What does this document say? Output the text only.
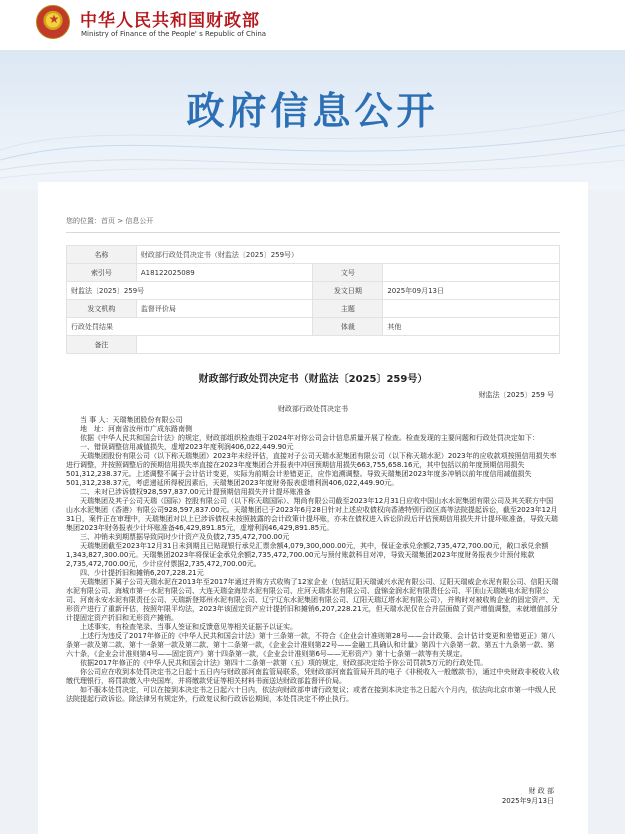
★	中华人民共和国财政部
Ministry of Finance of the People' s Republic of China
政府信息公开
您的位置：首页 > 信息公开
名称	财政部行政处罚决定书（财监法〔2025〕259号）		
索引号	A18122025089	文号	
财监法〔2025〕259号		发文日期	2025年09月13日
发文机构	监督评价局	主题	
行政处罚结果		体裁	其他
备注			
财政部行政处罚决定书（财监法〔2025〕259号）
财监法〔2025〕259 号
财政部行政处罚决定书

当 事 人：天瑞集团股份有限公司

地　址：河南省汝州市广成东路南侧

依据《中华人民共和国会计法》的规定，财政部组织检查组于2024年对你公司会计信息质量开展了检查。检查发现的主要问题和行政处罚决定如下：

一、错误调整信用减值损失，虚增2023年度利润406,022,449.90元

天瑞集团股份有限公司（以下称天瑞集团）2023年未经评估，直接对子公司天瑞水泥集团有限公司（以下称天瑞水泥）2023年的应收款项按照信用损失率进行调整，并按照调整后的预期信用损失率直接在2023年度集团合并报表中冲回预期信用损失663,755,658.16元，其中包括以前年度预期信用损失501,312,238.37元。上述调整不属于会计估计变更，实际为前期会计差错更正，应作追溯调整。导致天瑞集团2023年度多冲销以前年度信用减值损失501,312,238.37元，考虑递延所得税因素后，天瑞集团2023年度财务报表虚增利润406,022,449.90元。

二、未对已涉诉债权928,597,837.00元计提预期信用损失并计提坏账准备

天瑞集团及其子公司天瑞（国际）控股有限公司（以下称天瑞国际）、翔尚有限公司截至2023年12月31日应收中国山水水泥集团有限公司及其关联方中国山水水泥集团（香港）有限公司928,597,837.00元。天瑞集团已于2023年6月28日针对上述应收债权向香港特别行政区高等法院提起诉讼，截至2023年12月31日，案件正在审理中，天瑞集团对以上已涉诉债权未按照披露的会计政策计提坏账，亦未在债权进入诉讼阶段后评估预期信用损失并计提坏账准备，导致天瑞集团2023年财务报表少计坏账准备46,429,891.85元，虚增利润46,429,891.85元。

三、冲销未到期票据导致同时少计资产及负债2,735,472,700.00元

天瑞集团截至2023年12月31日未到期且已贴现银行承兑汇票余额4,079,300,000.00元，其中，保证金承兑余额2,735,472,700.00元，敞口承兑余额1,343,827,300.00元。天瑞集团2023年将保证金承兑余额2,735,472,700.00元与预付账款科目对冲，导致天瑞集团2023年度财务报表少计预付账款2,735,472,700.00元，少计应付票据2,735,472,700.00元。

四、少计提折旧和摊销6,207,228.21元

天瑞集团下属子公司天瑞水泥在2013年至2017年通过并购方式收购了12家企业（包括辽阳天瑞诚兴水泥有限公司、辽阳天瑞威企水泥有限公司、信阳天瑞水泥有限公司、海城市第一水泥有限公司、大连天瑞金海岸水泥有限公司、庄河天瑞水泥有限公司、盘锦金润水泥有限责任公司、平顶山天瑞姚电水泥有限公司、河南永安水泥有限责任公司、天瑞新登郑州水泥有限公司、辽宁辽东水泥集团有限公司、辽阳天瑞辽塔水泥有限公司），并购时对被收购企业的固定资产、无形资产进行了重新评估，按照年限平均法，2023年该固定资产应计提折旧和摊销6,207,228.21元，但天瑞水泥仅在合并层面做了资产增值调整，未就增值部分计提固定资产折旧和无形资产摊销。

上述事实，有检查笔录、当事人签证和反馈意见等相关证据予以证实。

上述行为违反了2017年修正的《中华人民共和国会计法》第十三条第一款，不符合《企业会计准则第28号——会计政策、会计估计变更和差错更正》第八条第一款及第二款、第十一条第一款及第二款、第十二条第一款，《企业会计准则第22号——金融工具确认和计量》第四十六条第一款、第五十九条第一款、第六十条，《企业会计准则第4号——固定资产》第十四条第一款，《企业会计准则第6号——无形资产》第十七条第一款等有关规定。

依据2017年修正的《中华人民共和国会计法》第四十二条第一款第（五）项的规定，财政部决定给予你公司罚款5万元的行政处罚。

你公司应在收到本处罚决定书之日起十五日内与财政部河南监管局联系，凭财政部河南监管局开具的电子《非税收入一般缴款书》，通过中央财政非税收入收缴代理银行，将罚款缴入中央国库，并将缴款凭证等相关材料书面送达财政部监督评价局。

如不服本处罚决定，可以在接到本决定书之日起六十日内，依法向财政部申请行政复议；或者在接到本决定书之日起六个月内，依法向北京市第一中级人民法院提起行政诉讼。除法律另有规定外，行政复议和行政诉讼期间，本处罚决定不停止执行。

财 政 部
2025年9月13日
